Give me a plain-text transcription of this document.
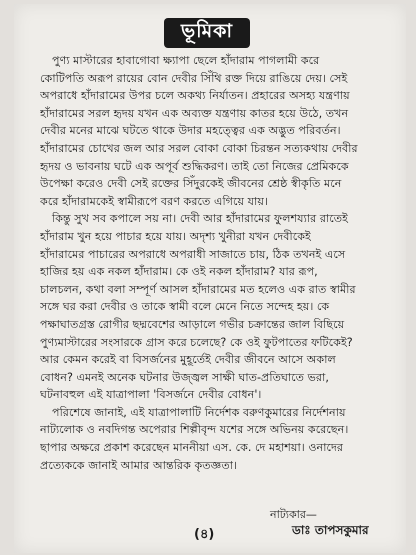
ভূমিকা
পুণ্য মাস্টারের হাবাগোবা ক্ষ্যাপা ছেলে হাঁদারাম পাগলামী করে
কোটিপতি অরূপ রায়ের বোন দেবীর সিঁথি রক্ত দিয়ে রাঙিয়ে দেয়। সেই
অপরাধে হাঁদারামের উপর চলে অকথ্য নির্যাতন। প্রহারের অসহ্য যন্ত্রণায়
হাঁদারামের সরল হৃদয় যখন এক অব্যক্ত যন্ত্রণায় কাতর হয়ে উঠে, তখন
দেবীর মনের মাঝে ঘটতে থাকে উদার মহত্ত্বের এক অদ্ভুত পরিবর্তন।
হাঁদারামের চোখের জল আর সরল বোকা বোকা চিরন্তন সত্যকথায় দেবীর
হৃদয় ও ভাবনায় ঘটে এক অপূর্ব শুদ্ধিকরণ। তাই তো নিজের প্রেমিককে
উপেক্ষা করেও দেবী সেই রক্তের সিঁদুরকেই জীবনের শ্রেষ্ঠ স্বীকৃতি মনে
করে হাঁদারামকেই স্বামীরূপে বরণ করতে এগিয়ে যায়।
কিন্তু সুখ সব কপালে সয় না। দেবী আর হাঁদারামের ফুলশয্যার রাতেই
হাঁদারাম খুন হয়ে পাচার হয়ে যায়। অদৃশ্য খুনীরা যখন দেবীকেই
হাঁদারামের পাচারের অপরাধে অপরাধী সাজাতে চায়, ঠিক তখনই এসে
হাজির হয় এক নকল হাঁদারাম। কে ওই নকল হাঁদারাম? যার রূপ,
চালচলন, কথা বলা সম্পূর্ণ আসল হাঁদারামের মত হলেও এক রাত স্বামীর
সঙ্গে ঘর করা দেবীর ও তাকে স্বামী বলে মেনে নিতে সন্দেহ হয়। কে
পক্ষাঘাতগ্রস্ত রোগীর ছদ্মবেশের আড়ালে গভীর চক্রান্তের জাল বিছিয়ে
পুণ্যমাস্টারের সংসারকে গ্রাস করে চলেছে? কে ওই ফুটপাতের ফটিকেই?
আর কেমন করেই বা বিসর্জনের মুহূর্তেই দেবীর জীবনে আসে অকাল
বোধন? এমনই অনেক ঘটনার উজ্জ্বল সাক্ষী ঘাত-প্রতিঘাতে ভরা,
ঘটনাবহুল এই যাত্রাপালা 'বিসর্জনে দেবীর বোধন'।
পরিশেষে জানাই, এই যাত্রাপালাটি নির্দেশক বরুণকুমারের নির্দেশনায়
নাট্যলোক ও নবদিগন্ত অপেরার শিল্পীবৃন্দ যশের সঙ্গে অভিনয় করেছেন।
ছাপার অক্ষরে প্রকাশ করেছেন মাননীয়া এস. কে. দে মহাশয়া। ওনাদের
প্রত্যেককে জানাই আমার আন্তরিক কৃতজ্ঞতা।
নাট্যকার—
(৪)	ডাঃ তাপসকুমার
